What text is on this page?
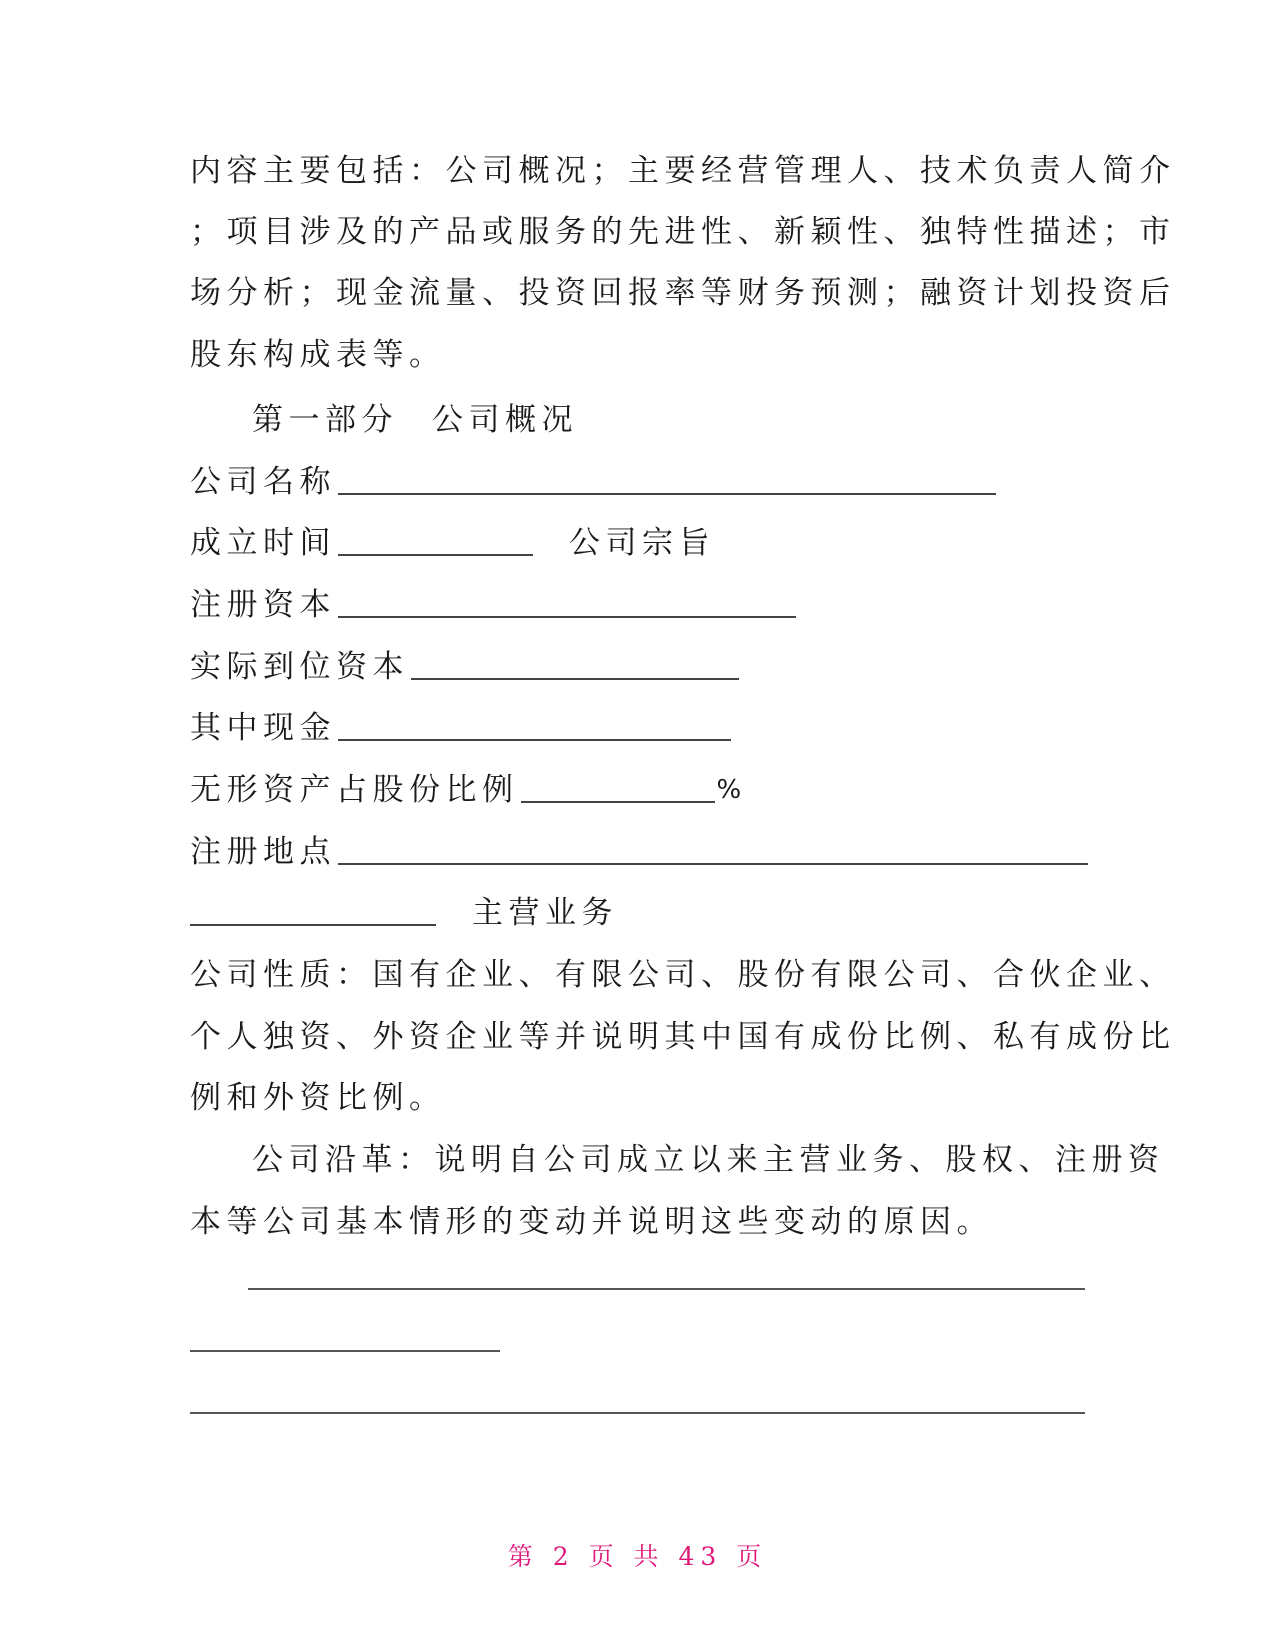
内容主要包括：公司概况；主要经营管理人、技术负责人简介
；项目涉及的产品或服务的先进性、新颖性、独特性描述；市
场分析；现金流量、投资回报率等财务预测；融资计划投资后
股东构成表等。
第一部分 公司概况
公司名称
成立时间	公司宗旨
注册资本
实际到位资本
其中现金
无形资产占股份比例	%
注册地点
主营业务
公司性质：国有企业、有限公司、股份有限公司、合伙企业、
个人独资、外资企业等并说明其中国有成份比例、私有成份比
例和外资比例。
公司沿革：说明自公司成立以来主营业务、股权、注册资
本等公司基本情形的变动并说明这些变动的原因。
第 2 页 共 43 页
